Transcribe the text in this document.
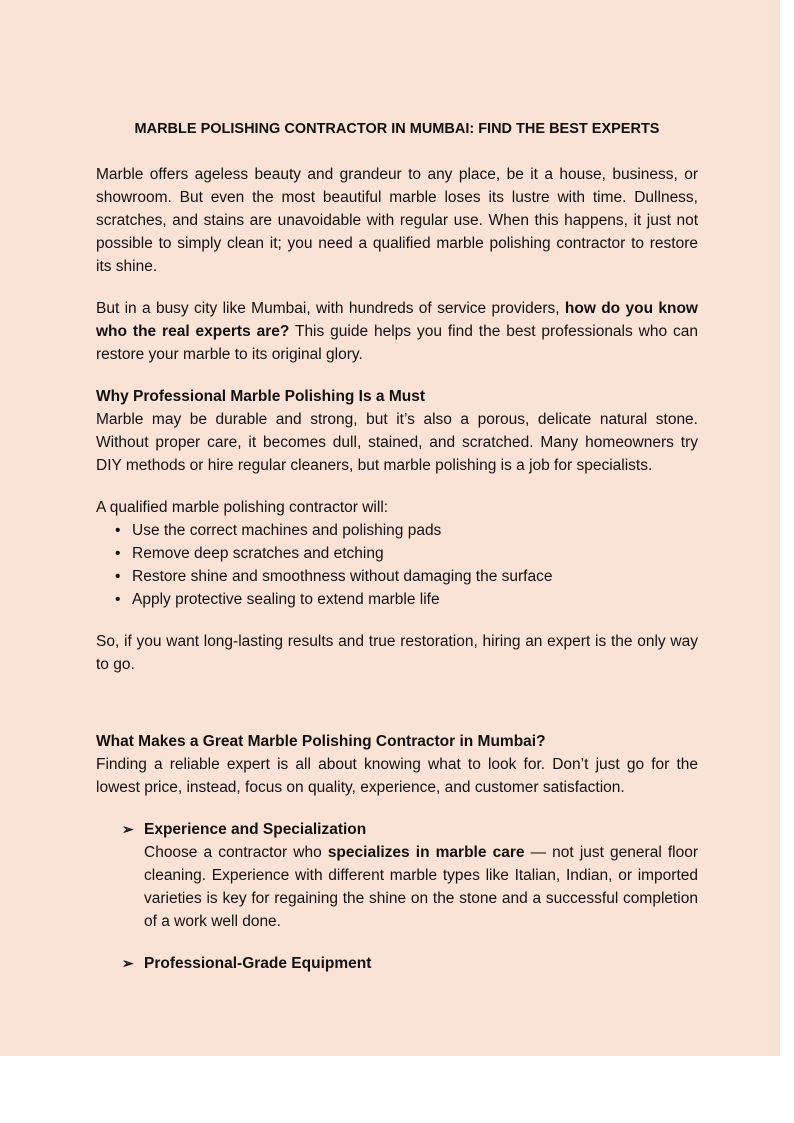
MARBLE POLISHING CONTRACTOR IN MUMBAI: FIND THE BEST EXPERTS

Marble offers ageless beauty and grandeur to any place, be it a house, business, or showroom. But even the most beautiful marble loses its lustre with time. Dullness, scratches, and stains are unavoidable with regular use. When this happens, it just not possible to simply clean it; you need a qualified marble polishing contractor to restore its shine.

But in a busy city like Mumbai, with hundreds of service providers, how do you know who the real experts are? This guide helps you find the best professionals who can restore your marble to its original glory.

Why Professional Marble Polishing Is a Must

Marble may be durable and strong, but it’s also a porous, delicate natural stone. Without proper care, it becomes dull, stained, and scratched. Many homeowners try DIY methods or hire regular cleaners, but marble polishing is a job for specialists.

A qualified marble polishing contractor will:

• Use the correct machines and polishing pads
• Remove deep scratches and etching
• Restore shine and smoothness without damaging the surface
• Apply protective sealing to extend marble life

So, if you want long-lasting results and true restoration, hiring an expert is the only way to go.

What Makes a Great Marble Polishing Contractor in Mumbai?

Finding a reliable expert is all about knowing what to look for. Don’t just go for the lowest price, instead, focus on quality, experience, and customer satisfaction.

➢ Experience and Specialization

Choose a contractor who specializes in marble care — not just general floor cleaning. Experience with different marble types like Italian, Indian, or imported varieties is key for regaining the shine on the stone and a successful completion of a work well done.

➢ Professional-Grade Equipment
